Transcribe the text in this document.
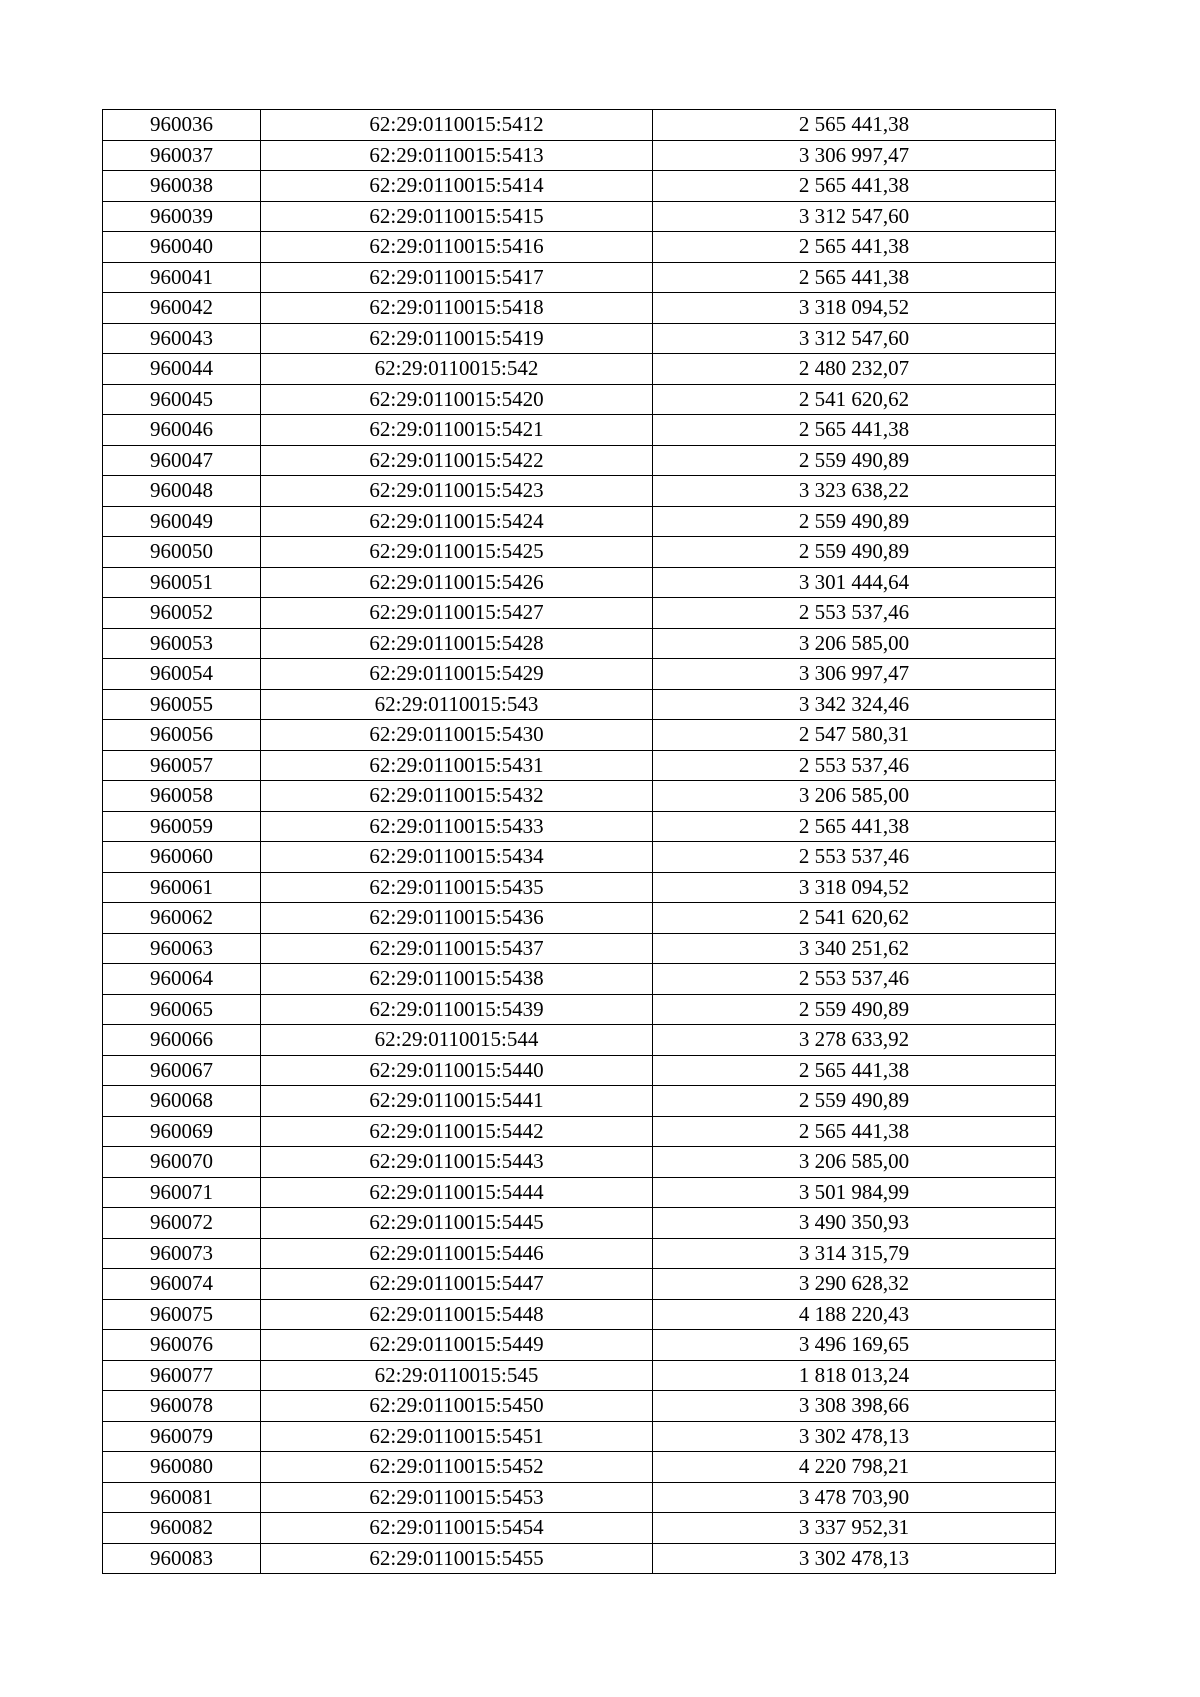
960036	62:29:0110015:5412	2 565 441,38
960037	62:29:0110015:5413	3 306 997,47
960038	62:29:0110015:5414	2 565 441,38
960039	62:29:0110015:5415	3 312 547,60
960040	62:29:0110015:5416	2 565 441,38
960041	62:29:0110015:5417	2 565 441,38
960042	62:29:0110015:5418	3 318 094,52
960043	62:29:0110015:5419	3 312 547,60
960044	62:29:0110015:542	2 480 232,07
960045	62:29:0110015:5420	2 541 620,62
960046	62:29:0110015:5421	2 565 441,38
960047	62:29:0110015:5422	2 559 490,89
960048	62:29:0110015:5423	3 323 638,22
960049	62:29:0110015:5424	2 559 490,89
960050	62:29:0110015:5425	2 559 490,89
960051	62:29:0110015:5426	3 301 444,64
960052	62:29:0110015:5427	2 553 537,46
960053	62:29:0110015:5428	3 206 585,00
960054	62:29:0110015:5429	3 306 997,47
960055	62:29:0110015:543	3 342 324,46
960056	62:29:0110015:5430	2 547 580,31
960057	62:29:0110015:5431	2 553 537,46
960058	62:29:0110015:5432	3 206 585,00
960059	62:29:0110015:5433	2 565 441,38
960060	62:29:0110015:5434	2 553 537,46
960061	62:29:0110015:5435	3 318 094,52
960062	62:29:0110015:5436	2 541 620,62
960063	62:29:0110015:5437	3 340 251,62
960064	62:29:0110015:5438	2 553 537,46
960065	62:29:0110015:5439	2 559 490,89
960066	62:29:0110015:544	3 278 633,92
960067	62:29:0110015:5440	2 565 441,38
960068	62:29:0110015:5441	2 559 490,89
960069	62:29:0110015:5442	2 565 441,38
960070	62:29:0110015:5443	3 206 585,00
960071	62:29:0110015:5444	3 501 984,99
960072	62:29:0110015:5445	3 490 350,93
960073	62:29:0110015:5446	3 314 315,79
960074	62:29:0110015:5447	3 290 628,32
960075	62:29:0110015:5448	4 188 220,43
960076	62:29:0110015:5449	3 496 169,65
960077	62:29:0110015:545	1 818 013,24
960078	62:29:0110015:5450	3 308 398,66
960079	62:29:0110015:5451	3 302 478,13
960080	62:29:0110015:5452	4 220 798,21
960081	62:29:0110015:5453	3 478 703,90
960082	62:29:0110015:5454	3 337 952,31
960083	62:29:0110015:5455	3 302 478,13
